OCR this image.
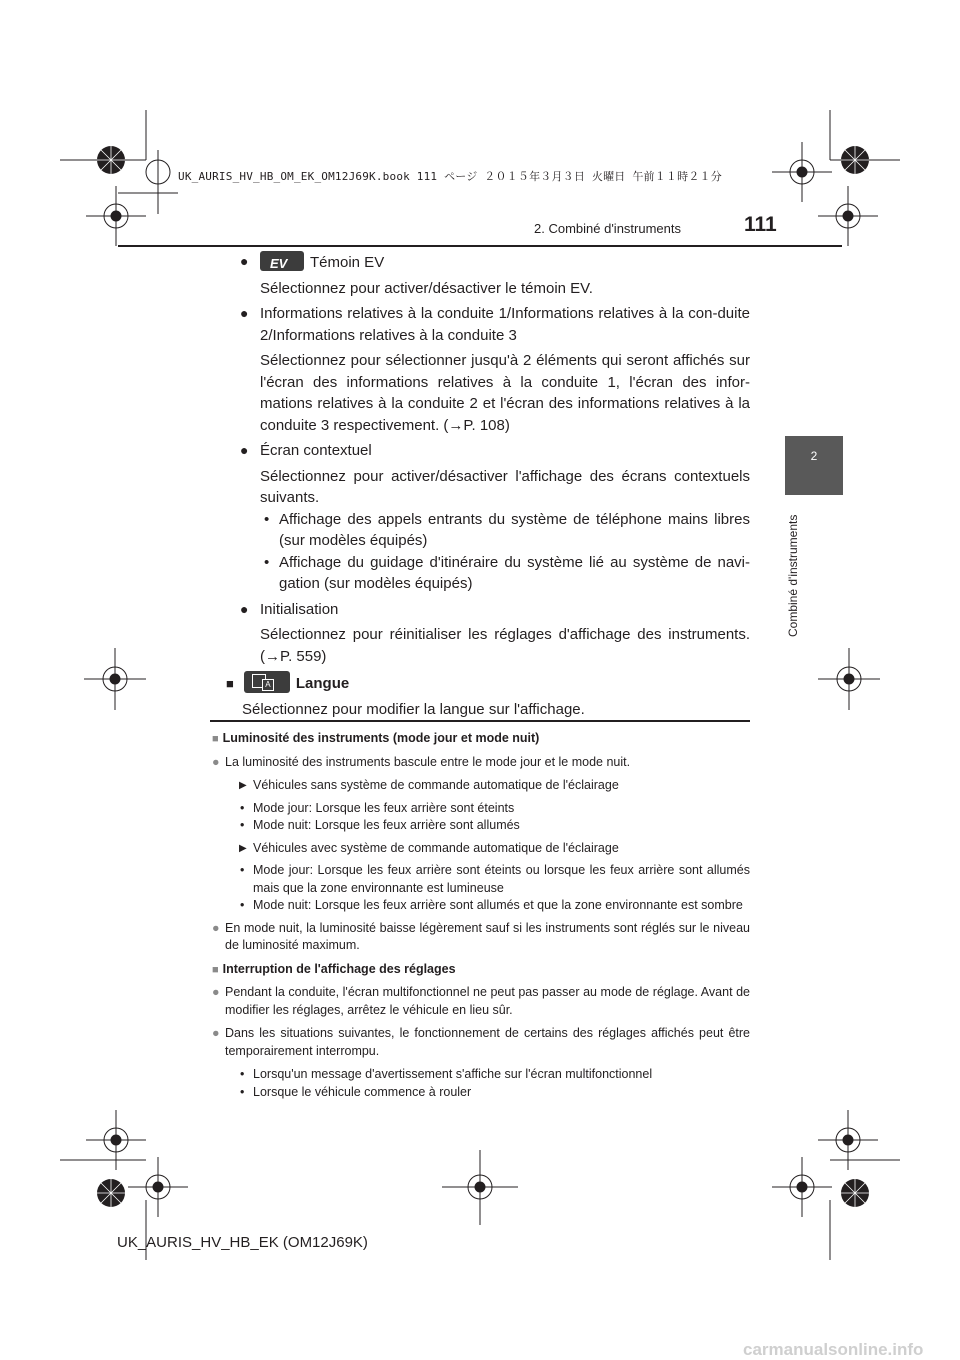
UK_AURIS_HV_HB_OM_EK_OM12J69K.book 111 ページ ２０１５年３月３日 火曜日 午前１１時２１分
2. Combiné d'instruments	111
2
Combiné d'instruments
● EV Témoin EV
Sélectionnez pour activer/désactiver le témoin EV.
● Informations relatives à la conduite 1/Informations relatives à la con-duite 2/Informations relatives à la conduite 3
Sélectionnez pour sélectionner jusqu'à 2 éléments qui seront affichés sur l'écran des informations relatives à la conduite 1, l'écran des infor-mations relatives à la conduite 2 et l'écran des informations relatives à la conduite 3 respectivement. (→P. 108)
● Écran contextuel
Sélectionnez pour activer/désactiver l'affichage des écrans contextuels suivants.
• Affichage des appels entrants du système de téléphone mains libres (sur modèles équipés)
• Affichage du guidage d'itinéraire du système lié au système de navi-gation (sur modèles équipés)
● Initialisation
Sélectionnez pour réinitialiser les réglages d'affichage des instruments. (→P. 559)
■	A Langue
Sélectionnez pour modifier la langue sur l'affichage.
■ Luminosité des instruments (mode jour et mode nuit)
● La luminosité des instruments bascule entre le mode jour et le mode nuit.
▶ Véhicules sans système de commande automatique de l'éclairage
• Mode jour: Lorsque les feux arrière sont éteints
• Mode nuit: Lorsque les feux arrière sont allumés
▶ Véhicules avec système de commande automatique de l'éclairage
• Mode jour: Lorsque les feux arrière sont éteints ou lorsque les feux arrière sont allumés mais que la zone environnante est lumineuse
• Mode nuit: Lorsque les feux arrière sont allumés et que la zone environnante est sombre
● En mode nuit, la luminosité baisse légèrement sauf si les instruments sont réglés sur le niveau de luminosité maximum.
■ Interruption de l'affichage des réglages
● Pendant la conduite, l'écran multifonctionnel ne peut pas passer au mode de réglage. Avant de modifier les réglages, arrêtez le véhicule en lieu sûr.
● Dans les situations suivantes, le fonctionnement de certains des réglages affichés peut être temporairement interrompu.
• Lorsqu'un message d'avertissement s'affiche sur l'écran multifonctionnel
• Lorsque le véhicule commence à rouler
UK_AURIS_HV_HB_EK (OM12J69K)
carmanualsonline.info
